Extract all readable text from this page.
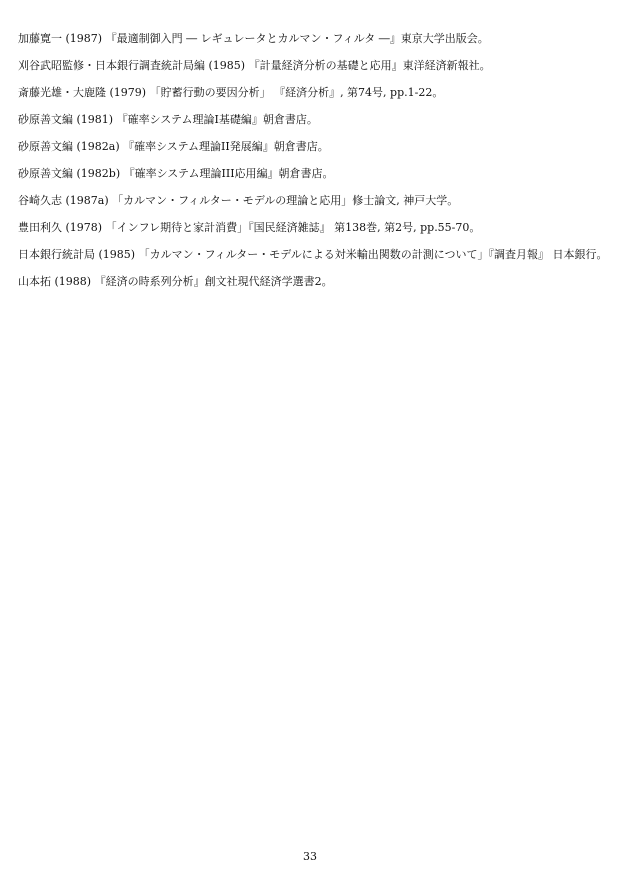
加藤寛一 (1987) 『最適制御入門 ― レギュレータとカルマン・フィルタ ―』東京大学出版会。

刈谷武昭監修・日本銀行調査統計局編 (1985) 『計量経済分析の基礎と応用』東洋経済新報社。

斎藤光雄・大鹿隆 (1979) 「貯蓄行動の要因分析」 『経済分析』, 第74号, pp.1-22。

砂原善文編 (1981) 『確率システム理論I基礎編』朝倉書店。

砂原善文編 (1982a) 『確率システム理論II発展編』朝倉書店。

砂原善文編 (1982b) 『確率システム理論III応用編』朝倉書店。

谷崎久志 (1987a) 「カルマン・フィルター・モデルの理論と応用」修士論文, 神戸大学。

豊田利久 (1978) 「インフレ期待と家計消費」『国民経済雑誌』 第138巻, 第2号, pp.55-70。

日本銀行統計局 (1985) 「カルマン・フィルター・モデルによる対米輸出関数の計測について」『調査月報』 日本銀行。

山本拓 (1988) 『経済の時系列分析』創文社現代経済学選書2。

33
